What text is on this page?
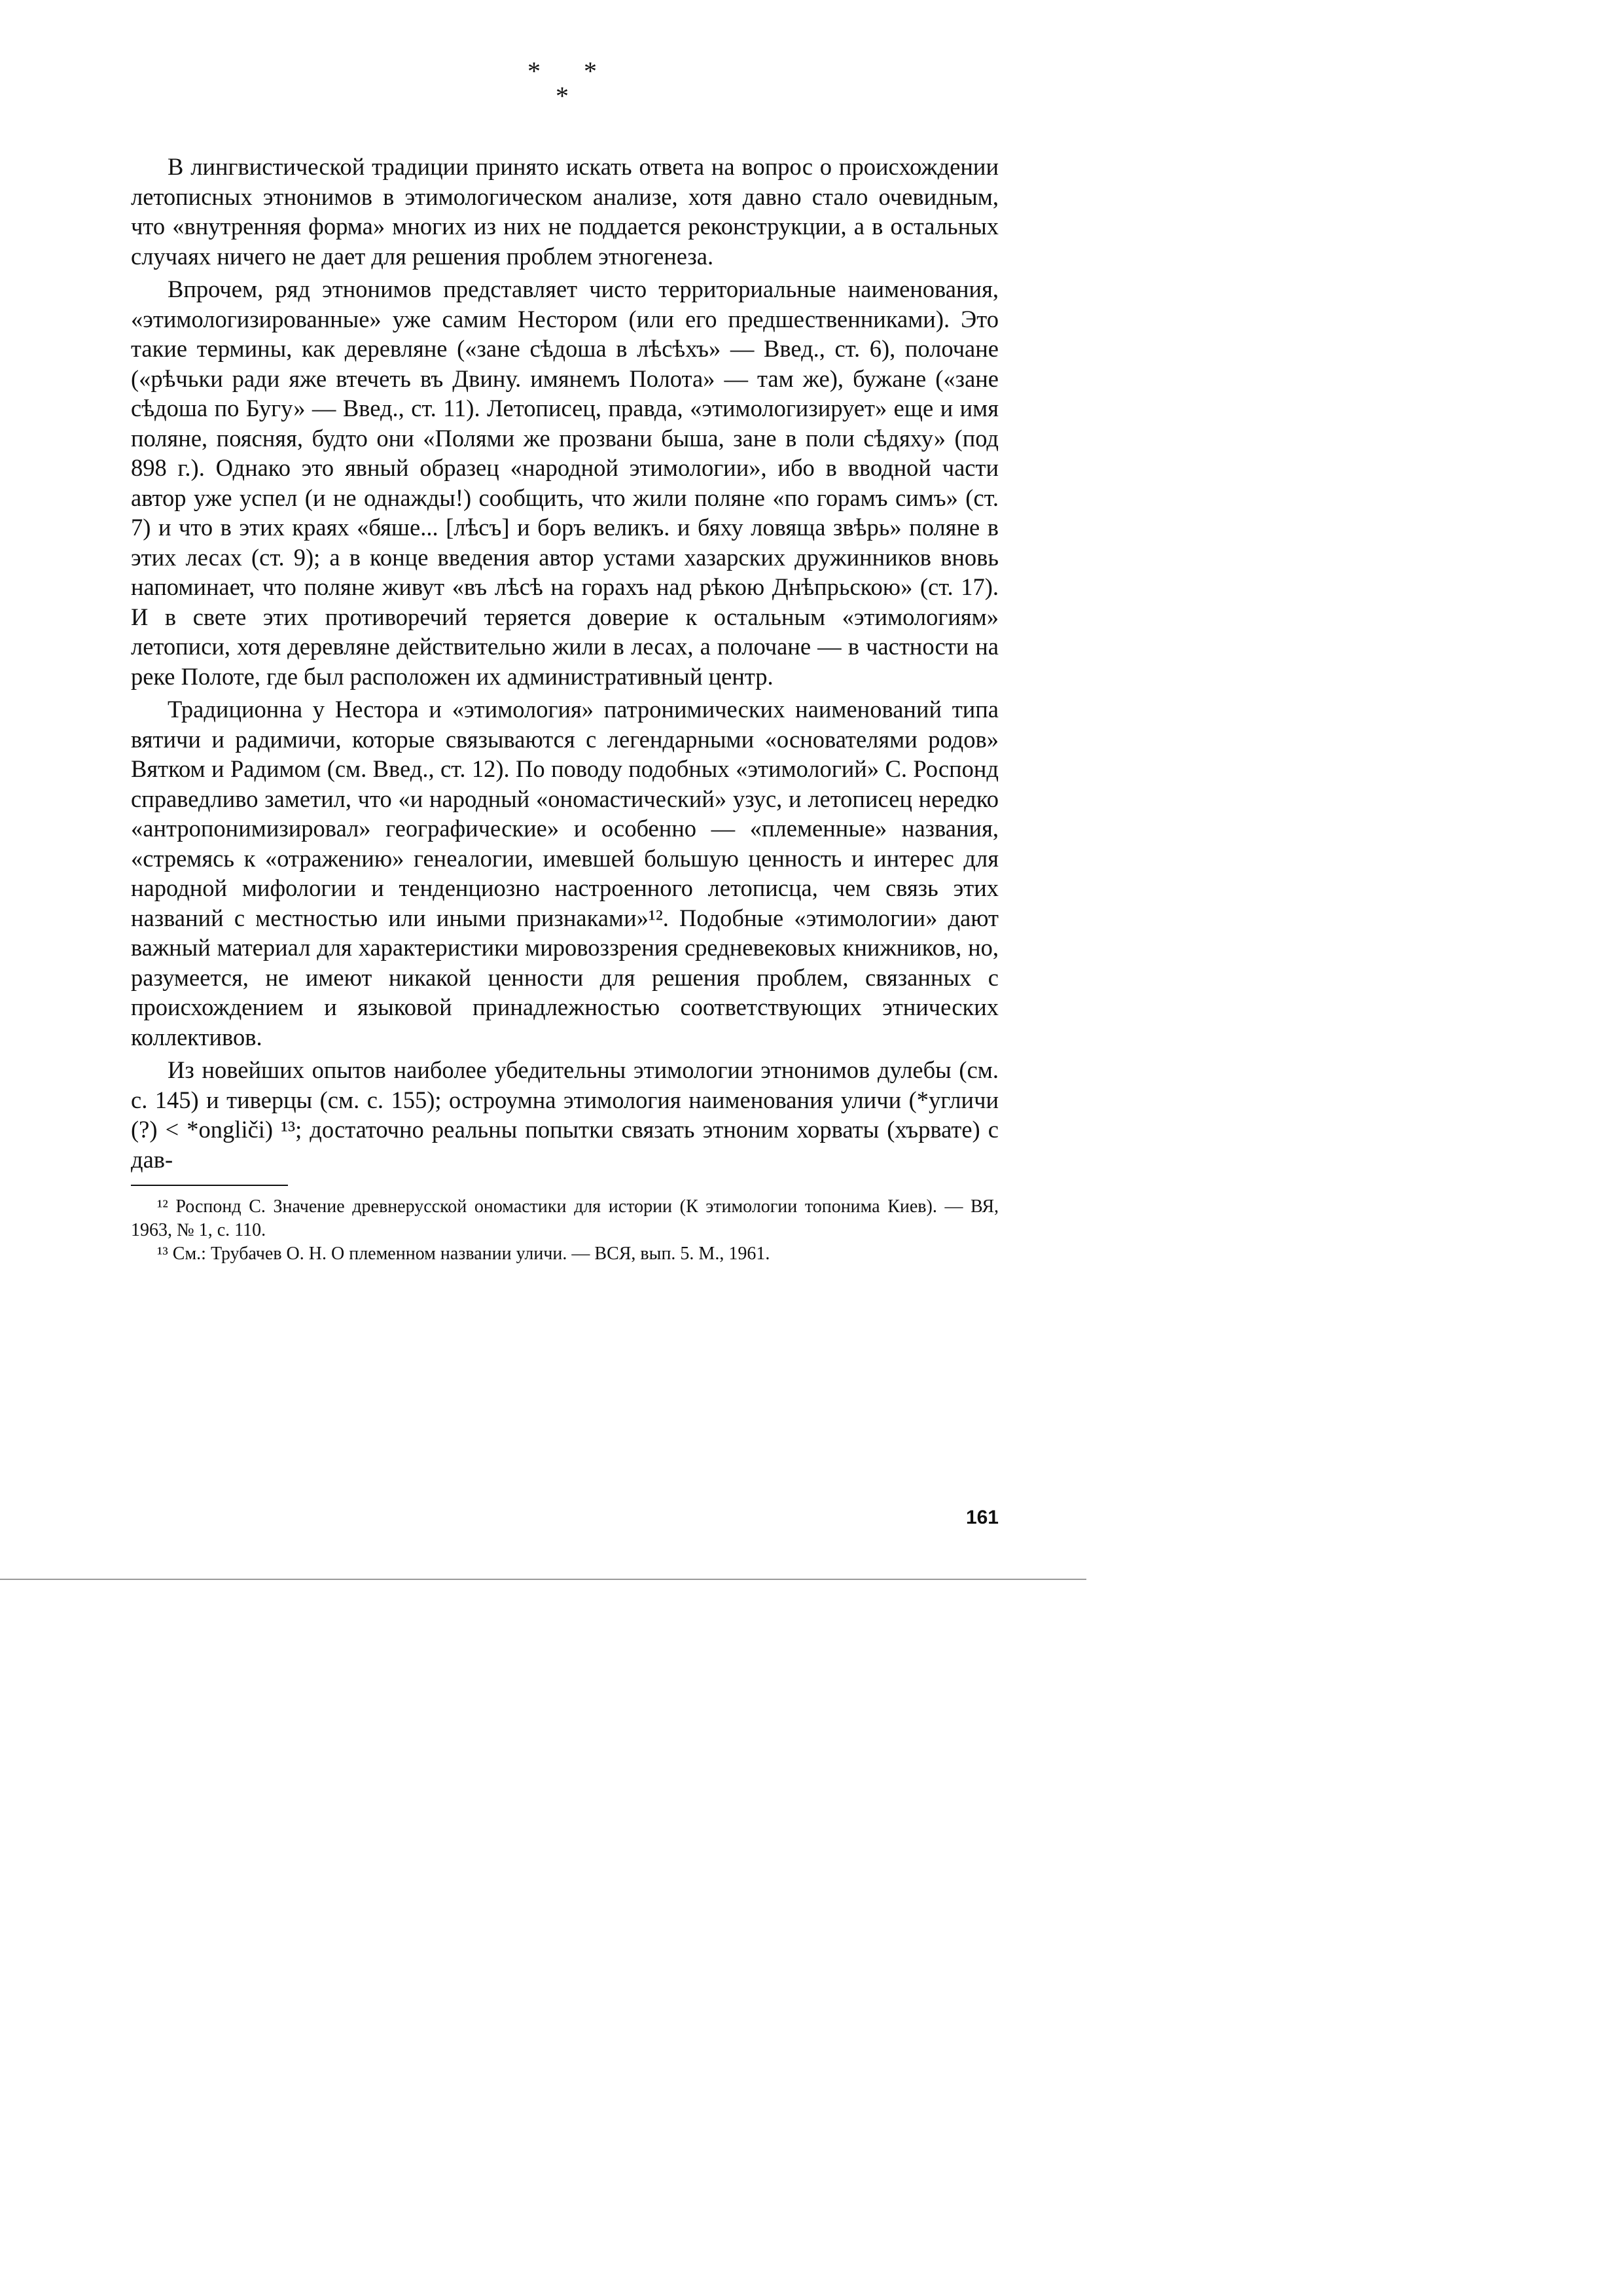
* *
*

В лингвистической традиции принято искать ответа на вопрос о происхождении летописных этнонимов в этимологическом анализе, хотя давно стало очевидным, что «внутренняя форма» многих из них не поддается реконструкции, а в остальных случаях ничего не дает для решения проблем этногенеза.

Впрочем, ряд этнонимов представляет чисто территориальные наименования, «этимологизированные» уже самим Нестором (или его предшественниками). Это такие термины, как деревляне («зане сѣдоша в лѣсѣхъ» — Введ., ст. 6), полочане («рѣчьки ради яже втечеть въ Двину. имянемъ Полота» — там же), бужане («зане сѣдоша по Бугу» — Введ., ст. 11). Летописец, правда, «этимологизирует» еще и имя поляне, поясняя, будто они «Полями же прозвани быша, зане в поли сѣдяху» (под 898 г.). Однако это явный образец «народной этимологии», ибо в вводной части автор уже успел (и не однажды!) сообщить, что жили поляне «по горамъ симъ» (ст. 7) и что в этих краях «бяше... [лѣсъ] и боръ великъ. и бяху ловяща звѣрь» поляне в этих лесах (ст. 9); а в конце введения автор устами хазарских дружинников вновь напоминает, что поляне живут «въ лѣсѣ на горахъ над рѣкою Днѣпрьскою» (ст. 17). И в свете этих противоречий теряется доверие к остальным «этимологиям» летописи, хотя деревляне действительно жили в лесах, а полочане — в частности на реке Полоте, где был расположен их административный центр.

Традиционна у Нестора и «этимология» патронимических наименований типа вятичи и радимичи, которые связываются с легендарными «основателями родов» Вятком и Радимом (см. Введ., ст. 12). По поводу подобных «этимологий» С. Роспонд справедливо заметил, что «и народный «ономастический» узус, и летописец нередко «антропонимизировал» географические» и особенно — «племенные» названия, «стремясь к «отражению» генеалогии, имевшей большую ценность и интерес для народной мифологии и тенденциозно настроенного летописца, чем связь этих названий с местностью или иными признаками»¹². Подобные «этимологии» дают важный материал для характеристики мировоззрения средневековых книжников, но, разумеется, не имеют никакой ценности для решения проблем, связанных с происхождением и языковой принадлежностью соответствующих этнических коллективов.

Из новейших опытов наиболее убедительны этимологии этнонимов дулебы (см. с. 145) и тиверцы (см. с. 155); остроумна этимология наименования уличи (*угличи (?) < *ongliči) ¹³; достаточно реальны попытки связать этноним хорваты (хървате) с дав-

¹² Роспонд С. Значение древнерусской ономастики для истории (К этимологии топонима Киев). — ВЯ, 1963, № 1, с. 110.

¹³ См.: Трубачев О. Н. О племенном названии уличи. — ВСЯ, вып. 5. М., 1961.

161
